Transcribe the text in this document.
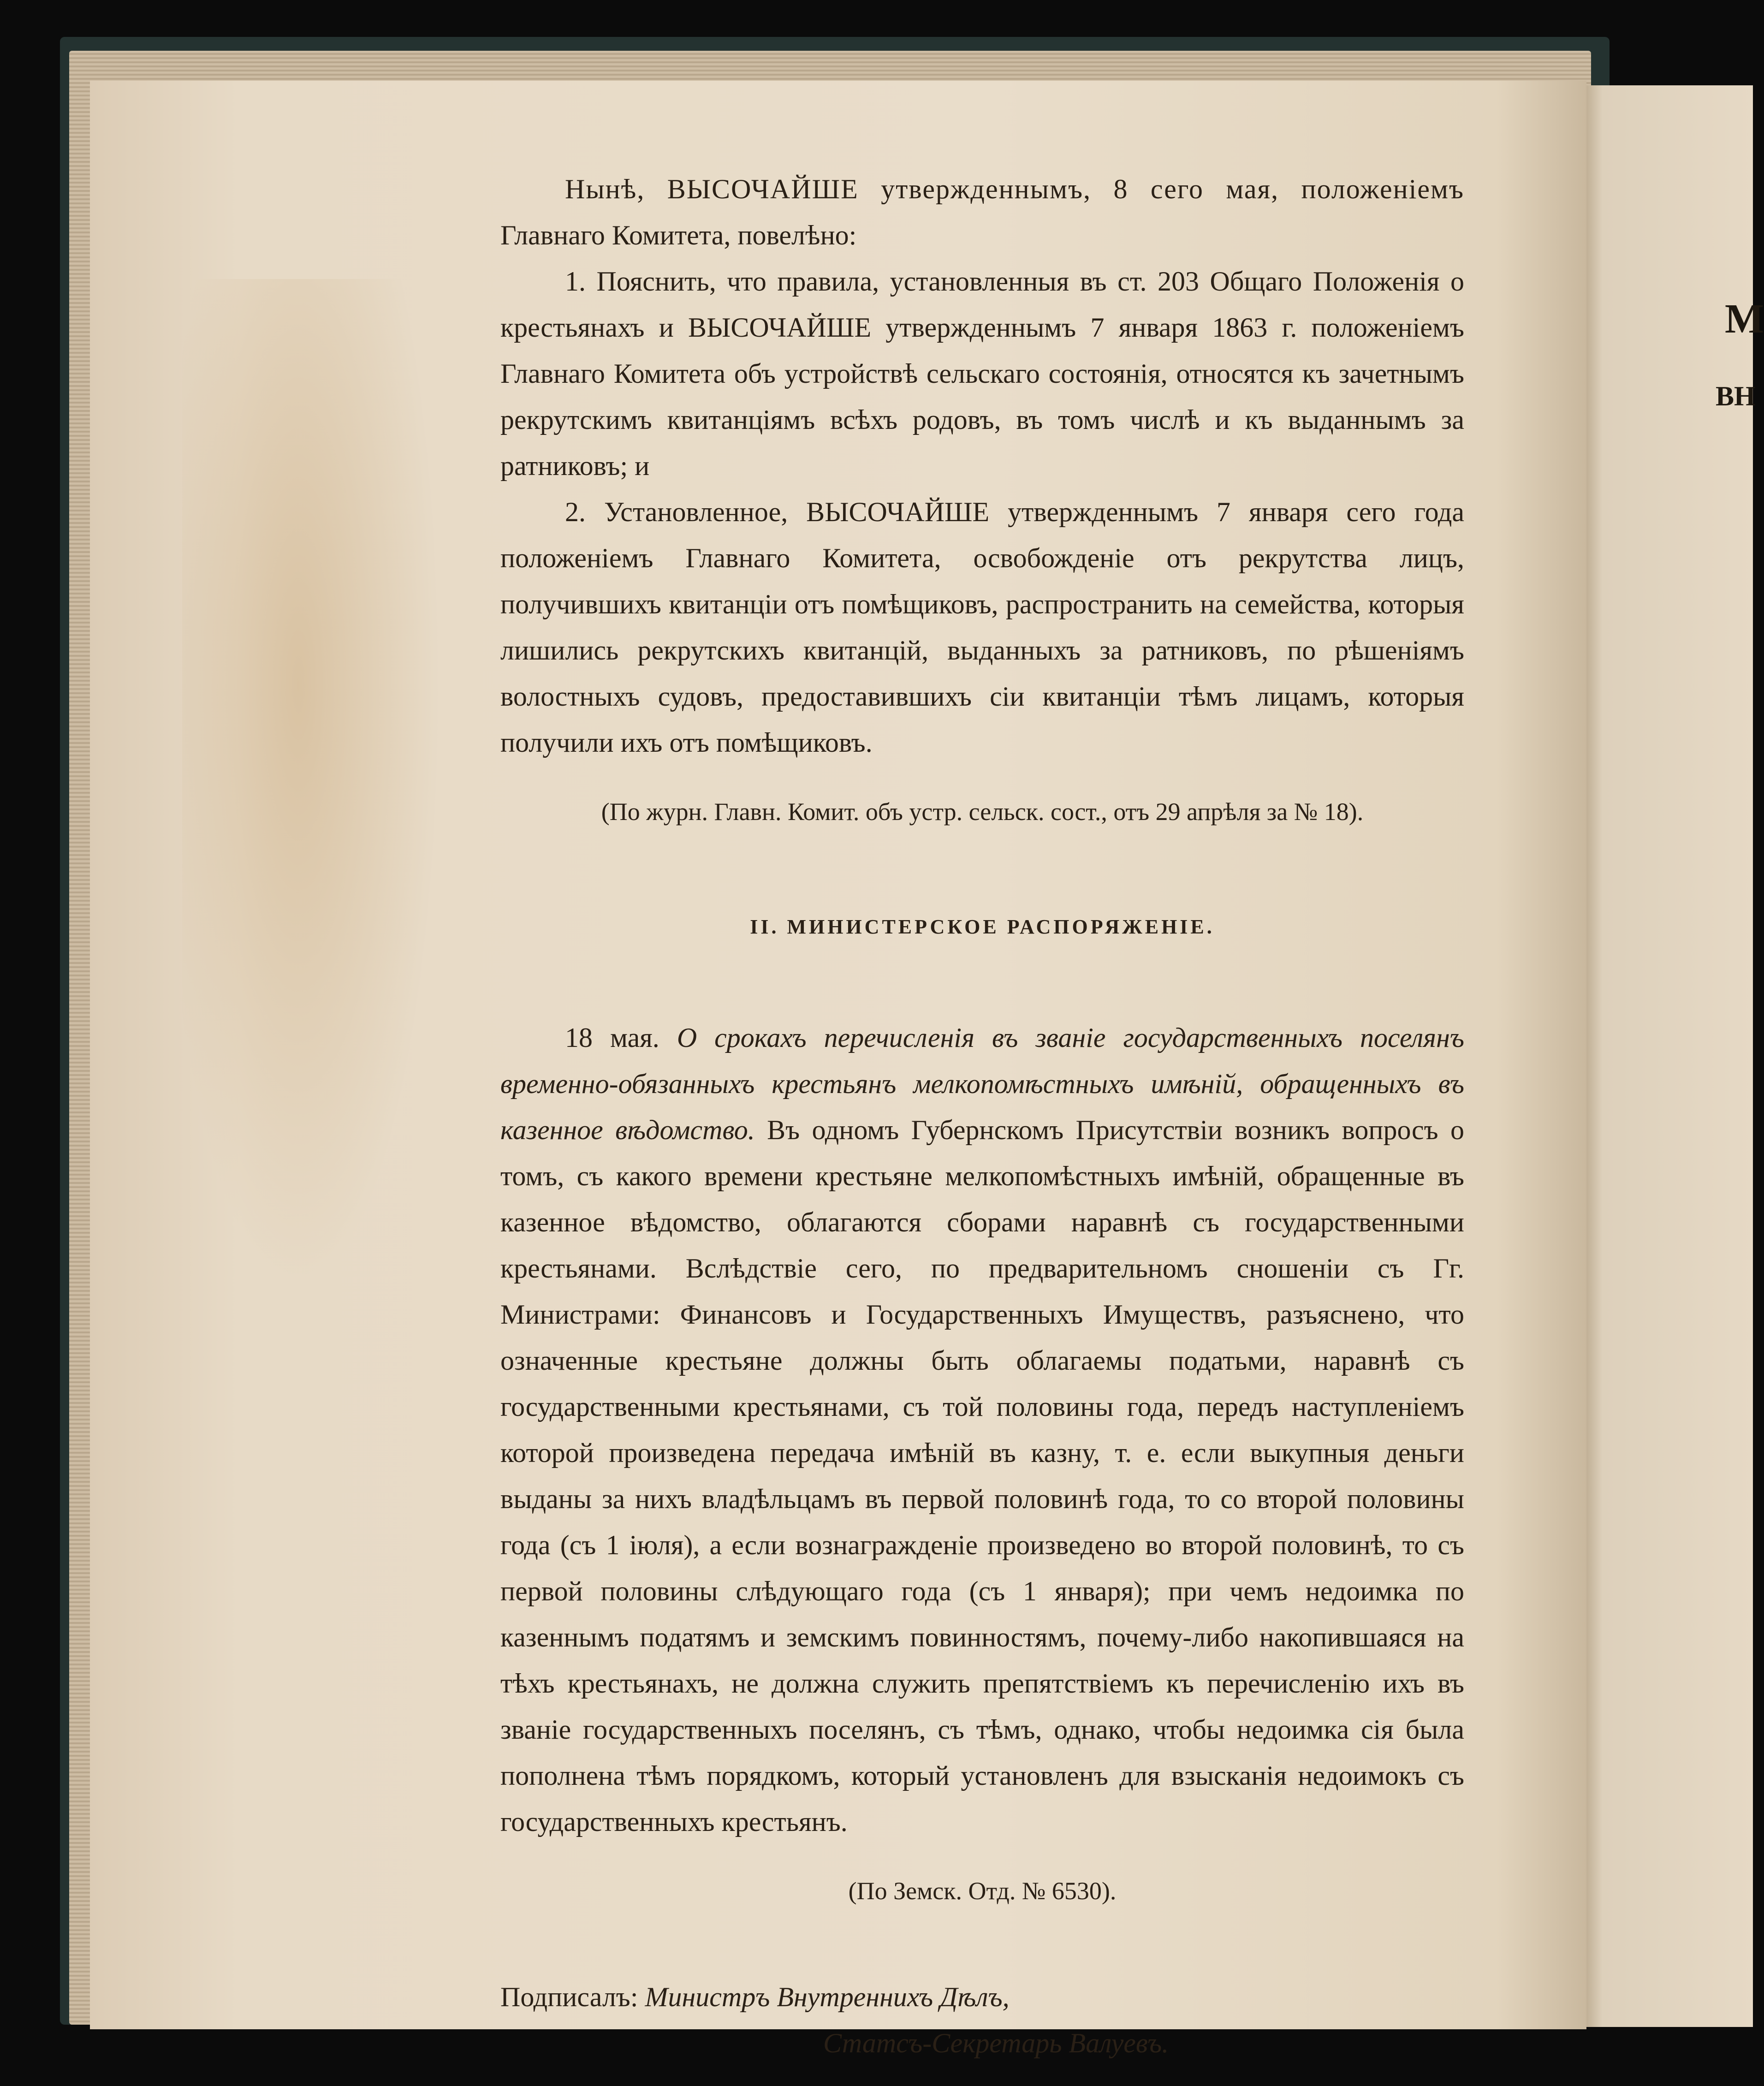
М
ВН

Нынѣ, ВЫСОЧАЙШЕ утвержденнымъ, 8 сего мая, положеніемъ

Главнаго Комитета, повелѣно:

1. Пояснить, что правила, установленныя въ ст. 203 Общаго Положенія о крестьянахъ и ВЫСОЧАЙШЕ утвержденнымъ 7 января 1863 г. положеніемъ Главнаго Комитета объ устройствѣ сельскаго состоянія, относятся къ зачетнымъ рекрутскимъ квитанціямъ всѣхъ родовъ, въ томъ числѣ и къ выданнымъ за ратниковъ; и

2. Установленное, ВЫСОЧАЙШЕ утвержденнымъ 7 января сего года положеніемъ Главнаго Комитета, освобожденіе отъ рекрутства лицъ, получившихъ квитанціи отъ помѣщиковъ, распространить на семейства, которыя лишились рекрутскихъ квитанцій, выданныхъ за ратниковъ, по рѣшеніямъ волостныхъ судовъ, предоставившихъ сіи квитанціи тѣмъ лицамъ, которыя получили ихъ отъ помѣщиковъ.

(По журн. Главн. Комит. объ устр. сельск. сост., отъ 29 апрѣля за № 18).

II. МИНИСТЕРСКОЕ РАСПОРЯЖЕНІЕ.

18 мая. О срокахъ перечисленія въ званіе государственныхъ поселянъ временно-обязанныхъ крестьянъ мелкопомѣстныхъ имѣній, обращенныхъ въ казенное вѣдомство. Въ одномъ Губернскомъ Присутствіи возникъ вопросъ о томъ, съ какого времени крестьяне мелкопомѣстныхъ имѣній, обращенные въ казенное вѣдомство, облагаются сборами наравнѣ съ государственными крестьянами. Вслѣдствіе сего, по предварительномъ сношеніи съ Гг. Министрами: Финансовъ и Государственныхъ Имуществъ, разъяснено, что означенные крестьяне должны быть облагаемы податьми, наравнѣ съ государственными крестьянами, съ той половины года, передъ наступленіемъ которой произведена передача имѣній въ казну, т. е. если выкупныя деньги выданы за нихъ владѣльцамъ въ первой половинѣ года, то со второй половины года (съ 1 іюля), а если вознагражденіе произведено во второй половинѣ, то съ первой половины слѣдующаго года (съ 1 января); при чемъ недоимка по казеннымъ податямъ и земскимъ повинностямъ, почему-либо накопившаяся на тѣхъ крестьянахъ, не должна служить препятствіемъ къ перечисленію ихъ въ званіе государственныхъ поселянъ, съ тѣмъ, однако, чтобы недоимка сія была пополнена тѣмъ порядкомъ, который установленъ для взысканія недоимокъ съ государственныхъ крестьянъ.

(По Земск. Отд. № 6530).

Подписалъ: Министръ Внутреннихъ Дѣлъ,
Статсъ-Секретарь Валуевъ.
